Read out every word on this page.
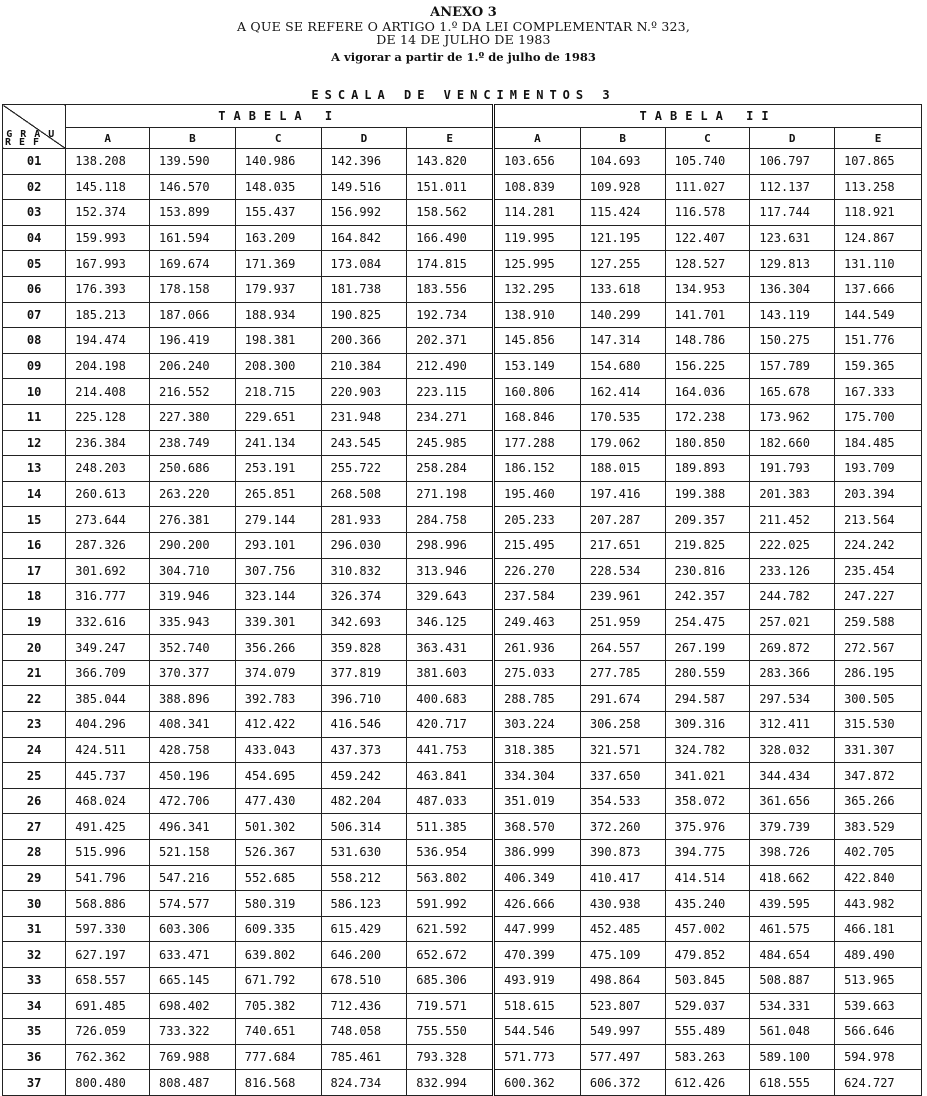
ANEXO 3
A QUE SE REFERE O ARTIGO 1.º DA LEI COMPLEMENTAR N.º 323,
DE 14 DE JULHO DE 1983
A vigorar a partir de 1.º de julho de 1983
ESCALA DE VENCIMENTOS 3
GRAU
REF	TABELA I					TABELA II				
	A	B	C	D	E	A	B	C	D	E
01	138.208	139.590	140.986	142.396	143.820	103.656	104.693	105.740	106.797	107.865
02	145.118	146.570	148.035	149.516	151.011	108.839	109.928	111.027	112.137	113.258
03	152.374	153.899	155.437	156.992	158.562	114.281	115.424	116.578	117.744	118.921
04	159.993	161.594	163.209	164.842	166.490	119.995	121.195	122.407	123.631	124.867
05	167.993	169.674	171.369	173.084	174.815	125.995	127.255	128.527	129.813	131.110
06	176.393	178.158	179.937	181.738	183.556	132.295	133.618	134.953	136.304	137.666
07	185.213	187.066	188.934	190.825	192.734	138.910	140.299	141.701	143.119	144.549
08	194.474	196.419	198.381	200.366	202.371	145.856	147.314	148.786	150.275	151.776
09	204.198	206.240	208.300	210.384	212.490	153.149	154.680	156.225	157.789	159.365
10	214.408	216.552	218.715	220.903	223.115	160.806	162.414	164.036	165.678	167.333
11	225.128	227.380	229.651	231.948	234.271	168.846	170.535	172.238	173.962	175.700
12	236.384	238.749	241.134	243.545	245.985	177.288	179.062	180.850	182.660	184.485
13	248.203	250.686	253.191	255.722	258.284	186.152	188.015	189.893	191.793	193.709
14	260.613	263.220	265.851	268.508	271.198	195.460	197.416	199.388	201.383	203.394
15	273.644	276.381	279.144	281.933	284.758	205.233	207.287	209.357	211.452	213.564
16	287.326	290.200	293.101	296.030	298.996	215.495	217.651	219.825	222.025	224.242
17	301.692	304.710	307.756	310.832	313.946	226.270	228.534	230.816	233.126	235.454
18	316.777	319.946	323.144	326.374	329.643	237.584	239.961	242.357	244.782	247.227
19	332.616	335.943	339.301	342.693	346.125	249.463	251.959	254.475	257.021	259.588
20	349.247	352.740	356.266	359.828	363.431	261.936	264.557	267.199	269.872	272.567
21	366.709	370.377	374.079	377.819	381.603	275.033	277.785	280.559	283.366	286.195
22	385.044	388.896	392.783	396.710	400.683	288.785	291.674	294.587	297.534	300.505
23	404.296	408.341	412.422	416.546	420.717	303.224	306.258	309.316	312.411	315.530
24	424.511	428.758	433.043	437.373	441.753	318.385	321.571	324.782	328.032	331.307
25	445.737	450.196	454.695	459.242	463.841	334.304	337.650	341.021	344.434	347.872
26	468.024	472.706	477.430	482.204	487.033	351.019	354.533	358.072	361.656	365.266
27	491.425	496.341	501.302	506.314	511.385	368.570	372.260	375.976	379.739	383.529
28	515.996	521.158	526.367	531.630	536.954	386.999	390.873	394.775	398.726	402.705
29	541.796	547.216	552.685	558.212	563.802	406.349	410.417	414.514	418.662	422.840
30	568.886	574.577	580.319	586.123	591.992	426.666	430.938	435.240	439.595	443.982
31	597.330	603.306	609.335	615.429	621.592	447.999	452.485	457.002	461.575	466.181
32	627.197	633.471	639.802	646.200	652.672	470.399	475.109	479.852	484.654	489.490
33	658.557	665.145	671.792	678.510	685.306	493.919	498.864	503.845	508.887	513.965
34	691.485	698.402	705.382	712.436	719.571	518.615	523.807	529.037	534.331	539.663
35	726.059	733.322	740.651	748.058	755.550	544.546	549.997	555.489	561.048	566.646
36	762.362	769.988	777.684	785.461	793.328	571.773	577.497	583.263	589.100	594.978
37	800.480	808.487	816.568	824.734	832.994	600.362	606.372	612.426	618.555	624.727
